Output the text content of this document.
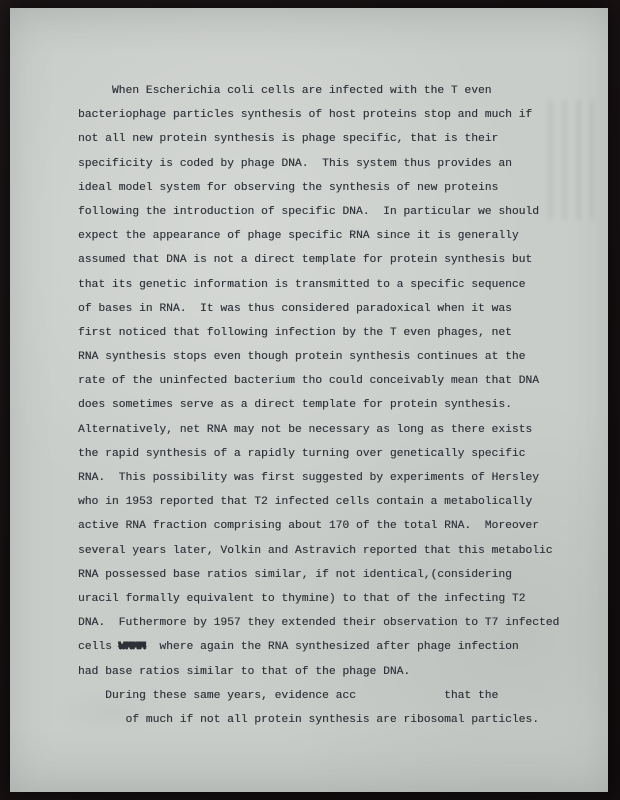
When Escherichia coli cells are infected with the T even
bacteriophage particles synthesis of host proteins stop and much if
not all new protein synthesis is phage specific, that is their
specificity is coded by phage DNA.  This system thus provides an
ideal model system for observing the synthesis of new proteins
following the introduction of specific DNA.  In particular we should
expect the appearance of phage specific RNA since it is generally
assumed that DNA is not a direct template for protein synthesis but
that its genetic information is transmitted to a specific sequence
of bases in RNA.  It was thus considered paradoxical when it was
first noticed that following infection by the T even phages, net
RNA synthesis stops even though protein synthesis continues at the
rate of the uninfected bacterium tho could conceivably mean that DNA
does sometimes serve as a direct template for protein synthesis.
Alternatively, net RNA may not be necessary as long as there exists
the rapid synthesis of a rapidly turning over genetically specific
RNA.  This possibility was first suggested by experiments of Hersley
who in 1953 reported that T2 infected cells contain a metabolically
active RNA fraction comprising about 170 of the total RNA.  Moreover
several years later, Volkin and Astravich reported that this metabolic
RNA possessed base ratios similar, if not identical,(considering
uracil formally equivalent to thymine) to that of the infecting T2
DNA.  Futhermore by 1957 they extended their observation to T7 infected
cells WMMM  where again the RNA synthesized after phage infection
had base ratios similar to that of the phage DNA.
During these same years, evidence acc             that the
of much if not all protein synthesis are ribosomal particles.
